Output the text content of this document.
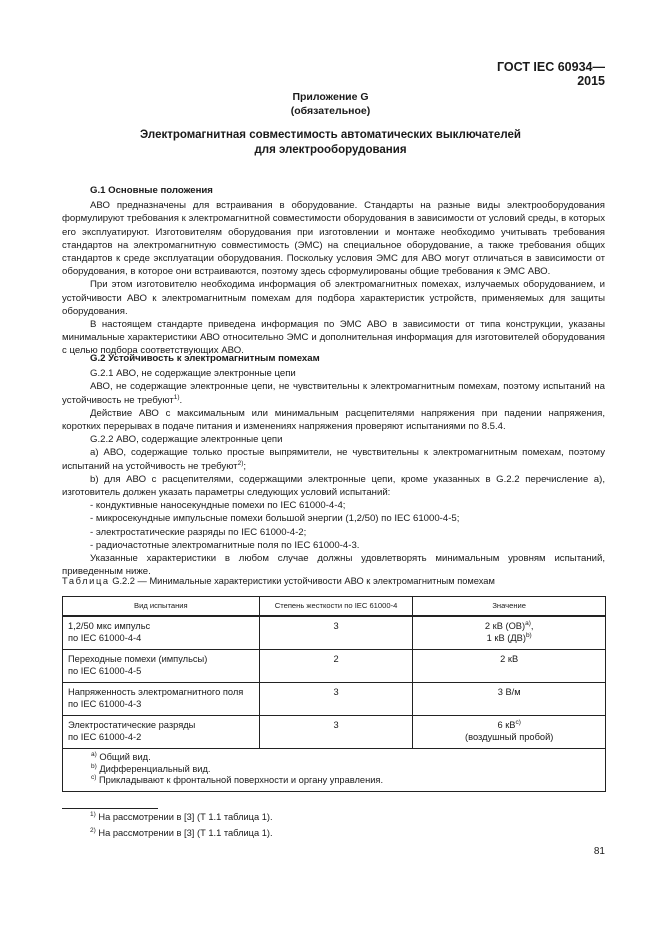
ГОСТ IEC 60934—2015
Приложение G
(обязательное)
Электромагнитная совместимость автоматических выключателей
для электрооборудования

G.1 Основные положения

АВО предназначены для встраивания в оборудование. Стандарты на разные виды электрооборудования формулируют требования к электромагнитной совместимости оборудования в зависимости от условий среды, в которых его эксплуатируют. Изготовителям оборудования при изготовлении и монтаже необходимо учитывать требования стандартов на электромагнитную совместимость (ЭМС) на специальное оборудование, а также требования общих стандартов к среде эксплуатации оборудования. Поскольку условия ЭМС для АВО могут отличаться в зависимости от оборудования, в которое они встраиваются, поэтому здесь сформулированы общие требования к ЭМС АВО.

При этом изготовителю необходима информация об электромагнитных помехах, излучаемых оборудованием, и устойчивости АВО к электромагнитным помехам для подбора характеристик устройств, применяемых для защиты оборудования.

В настоящем стандарте приведена информация по ЭМС АВО в зависимости от типа конструкции, указаны минимальные характеристики АВО относительно ЭМС и дополнительная информация для изготовителей оборудования с целью подбора соответствующих АВО.

G.2 Устойчивость к электромагнитным помехам

G.2.1 АВО, не содержащие электронные цепи

АВО, не содержащие электронные цепи, не чувствительны к электромагнитным помехам, поэтому испытаний на устойчивость не требуют$^{1)}$.

Действие АВО с максимальным или минимальным расцепителями напряжения при падении напряжения, коротких перерывах в подаче питания и изменениях напряжения проверяют испытаниями по 8.5.4.

G.2.2 АВО, содержащие электронные цепи

a) АВО, содержащие только простые выпрямители, не чувствительны к электромагнитным помехам, поэтому испытаний на устойчивость не требуют$^{2)}$;

b) для АВО с расцепителями, содержащими электронные цепи, кроме указанных в G.2.2 перечисление а), изготовитель должен указать параметры следующих условий испытаний:

- кондуктивные наносекундные помехи по IEC 61000-4-4;
- микросекундные импульсные помехи большой энергии (1,2/50) по IEC 61000-4-5;
- электростатические разряды по IEC 61000-4-2;
- радиочастотные электромагнитные поля по IEC 61000-4-3.

Указанные характеристики в любом случае должны удовлетворять минимальным уровням испытаний, приведенным ниже.

Таблица G.2.2 — Минимальные характеристики устойчивости АВО к электромагнитным помехам
Вид испытания	Степень жесткости по IEC 61000-4	Значение

1,2/50 мкс импульс
по IEC 61000-4-4
	3	2 кВ (ОВ)$^{a)}$,
1 кВ (ДВ)$^{b)}$

Переходные помехи (импульсы)
по IEC 61000-4-5	2	2 кВ

Напряженность электромагнитного поля
по IEC 61000-4-3	3	3 В/м

Электростатические разряды
по IEC 61000-4-2
	3	6 $кВ^{c)}$
(воздушный пробой)

$^{a)}$ Общий вид.
$^{b)}$ Дифференциальный вид.
$^{c)}$ Прикладывают к фронтальной поверхности и органу управления.		
$^{1)}$ На рассмотрении в [3] (Т 1.1 таблица 1).
$^{2)}$ На рассмотрении в [3] (Т 1.1 таблица 1).
81
